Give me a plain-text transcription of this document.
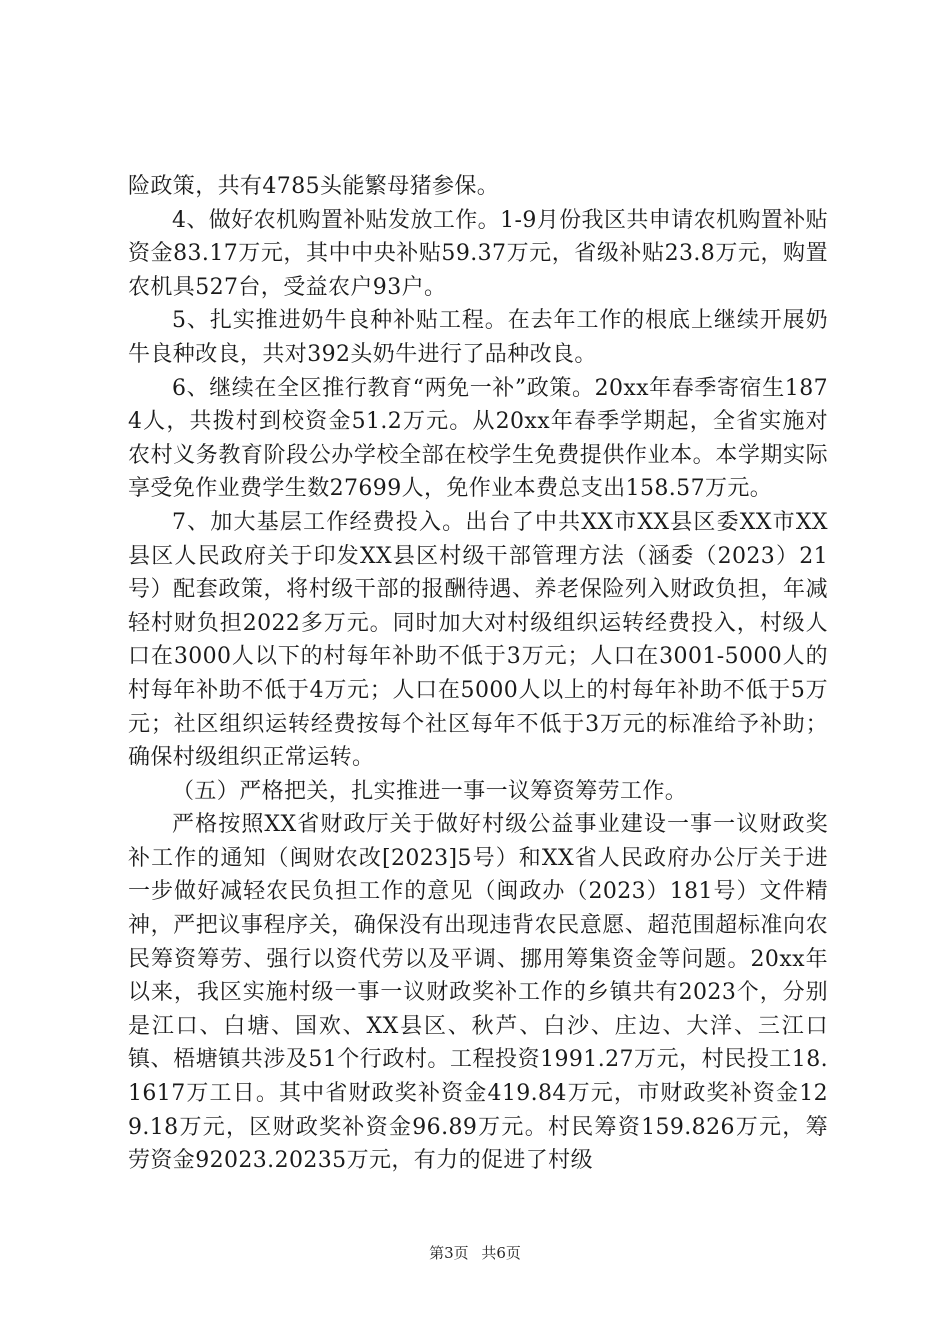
险政策，共有4785头能繁母猪参保。

4、做好农机购置补贴发放工作。1-9月份我区共申请农机购置补贴资金83.17万元，其中中央补贴59.37万元，省级补贴23.8万元，购置农机具527台，受益农户93户。

5、扎实推进奶牛良种补贴工程。在去年工作的根底上继续开展奶牛良种改良，共对392头奶牛进行了品种改良。

6、继续在全区推行教育“两免一补”政策。20xx年春季寄宿生1874人，共拨村到校资金51.2万元。从20xx年春季学期起，全省实施对农村义务教育阶段公办学校全部在校学生免费提供作业本。本学期实际享受免作业费学生数27699人，免作业本费总支出158.57万元。

7、加大基层工作经费投入。出台了中共XX市XX县区委XX市XX县区人民政府关于印发XX县区村级干部管理方法（涵委（2023）21号）配套政策，将村级干部的报酬待遇、养老保险列入财政负担，年减轻村财负担2022多万元。同时加大对村级组织运转经费投入，村级人口在3000人以下的村每年补助不低于3万元；人口在3001-5000人的村每年补助不低于4万元；人口在5000人以上的村每年补助不低于5万元；社区组织运转经费按每个社区每年不低于3万元的标准给予补助；确保村级组织正常运转。

（五）严格把关，扎实推进一事一议筹资筹劳工作。

严格按照XX省财政厅关于做好村级公益事业建设一事一议财政奖补工作的通知（闽财农改[2023]5号）和XX省人民政府办公厅关于进一步做好减轻农民负担工作的意见（闽政办（2023）181号）文件精神，严把议事程序关，确保没有出现违背农民意愿、超范围超标准向农民筹资筹劳、强行以资代劳以及平调、挪用筹集资金等问题。20xx年以来，我区实施村级一事一议财政奖补工作的乡镇共有2023个，分别是江口、白塘、国欢、XX县区、秋芦、白沙、庄边、大洋、三江口镇、梧塘镇共涉及51个行政村。工程投资1991.27万元，村民投工18.1617万工日。其中省财政奖补资金419.84万元，市财政奖补资金129.18万元，区财政奖补资金96.89万元。村民筹资159.826万元，筹劳资金92023.20235万元，有力的促进了村级

第3页 共6页
